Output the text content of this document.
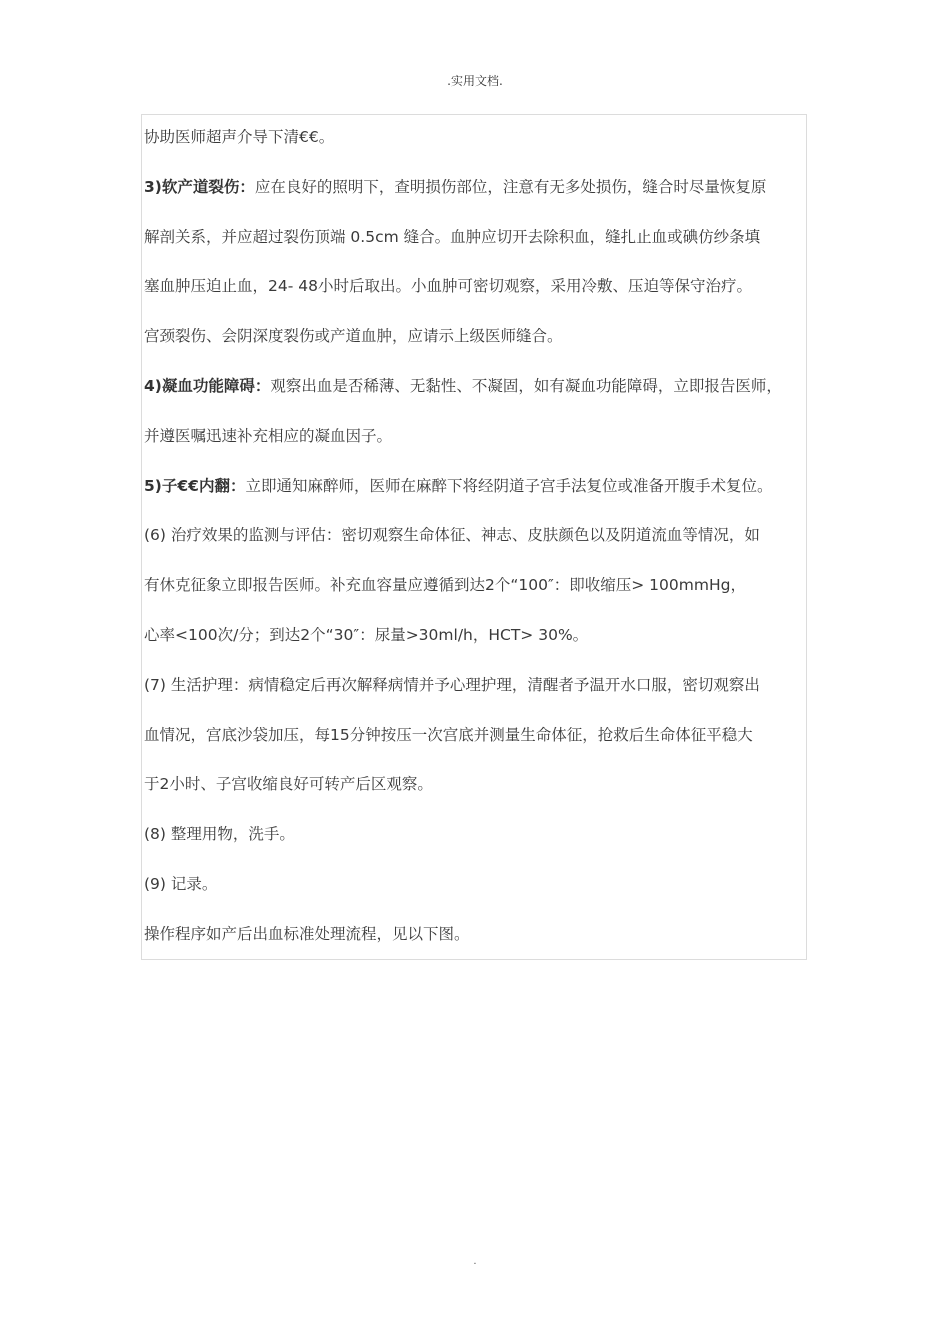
.实用文档.
协助医师超声介导下清€€。
3)软产道裂伤：应在良好的照明下，查明损伤部位，注意有无多处损伤，缝合时尽量恢复原
解剖关系，并应超过裂伤顶端 0.5cm 缝合。血肿应切开去除积血，缝扎止血或碘仿纱条填
塞血肿压迫止血，24- 48小时后取出。小血肿可密切观察，采用冷敷、压迫等保守治疗。
宫颈裂伤、会阴深度裂伤或产道血肿，应请示上级医师缝合。
4)凝血功能障碍：观察出血是否稀薄、无黏性、不凝固，如有凝血功能障碍，立即报告医师，
并遵医嘱迅速补充相应的凝血因子。
5)子€€内翻：立即通知麻醉师，医师在麻醉下将经阴道子宫手法复位或准备开腹手术复位。
(6) 治疗效果的监测与评估：密切观察生命体征、神志、皮肤颜色以及阴道流血等情况，如
有休克征象立即报告医师。补充血容量应遵循到达2个“100″：即收缩压> 100mmHg，
心率<100次/分；到达2个“30″：尿量>30ml/h，HCT> 30%。
(7) 生活护理：病情稳定后再次解释病情并予心理护理，清醒者予温开水口服，密切观察出
血情况，宫底沙袋加压，每15分钟按压一次宫底并测量生命体征，抢救后生命体征平稳大
于2小时、子宫收缩良好可转产后区观察。
(8) 整理用物，洗手。
(9) 记录。
操作程序如产后出血标准处理流程，见以下图。
.
